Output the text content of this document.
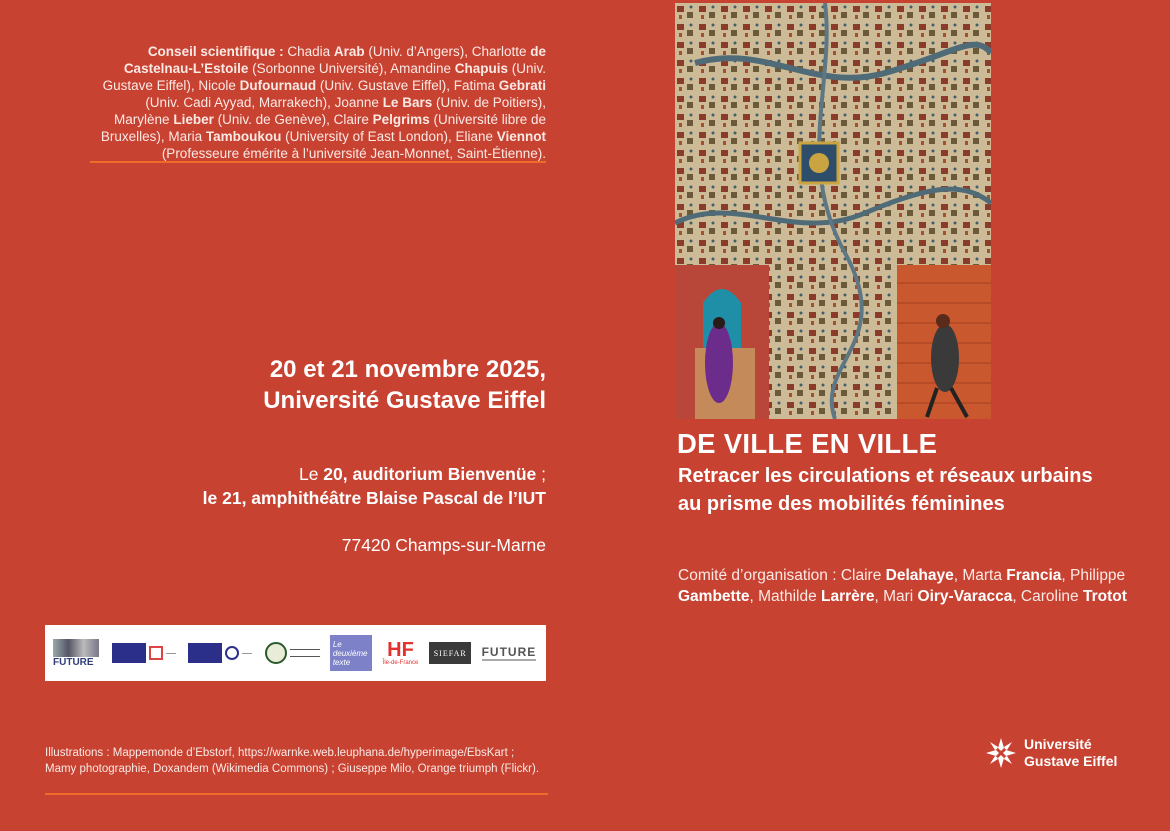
Conseil scientifique : Chadia Arab (Univ. d’Angers), Charlotte de Castelnau-L’Estoile (Sorbonne Université), Amandine Chapuis (Univ. Gustave Eiffel), Nicole Dufournaud (Univ. Gustave Eiffel), Fatima Gebrati (Univ. Cadi Ayyad, Marrakech), Joanne Le Bars (Univ. de Poitiers), Marylène Lieber (Univ. de Genève), Claire Pelgrims (Université libre de Bruxelles), Maria Tamboukou (University of East London), Eliane Viennot (Professeure émérite à l’université Jean-Monnet, Saint-Étienne).
20 et 21 novembre 2025,
Université Gustave Eiffel
Le 20, auditorium Bienvenüe ;
le 21, amphithéâtre Blaise Pascal de l’IUT
77420 Champs-sur-Marne
FUTURE
Le deuxième texte
HF
Île-de-France
SIEFAR	FUTURE
Illustrations : Mappemonde d’Ebstorf, https://warnke.web.leuphana.de/hyperimage/EbsKart ; Mamy photographie, Doxandem (Wikimedia Commons) ; Giuseppe Milo, Orange triumph (Flickr).
DE VILLE EN VILLE
Retracer les circulations et réseaux urbains
au prisme des mobilités féminines
Comité d’organisation : Claire Delahaye, Marta Francia, Philippe Gambette, Mathilde Larrère, Mari Oiry-Varacca, Caroline Trotot
Université
Gustave Eiffel
